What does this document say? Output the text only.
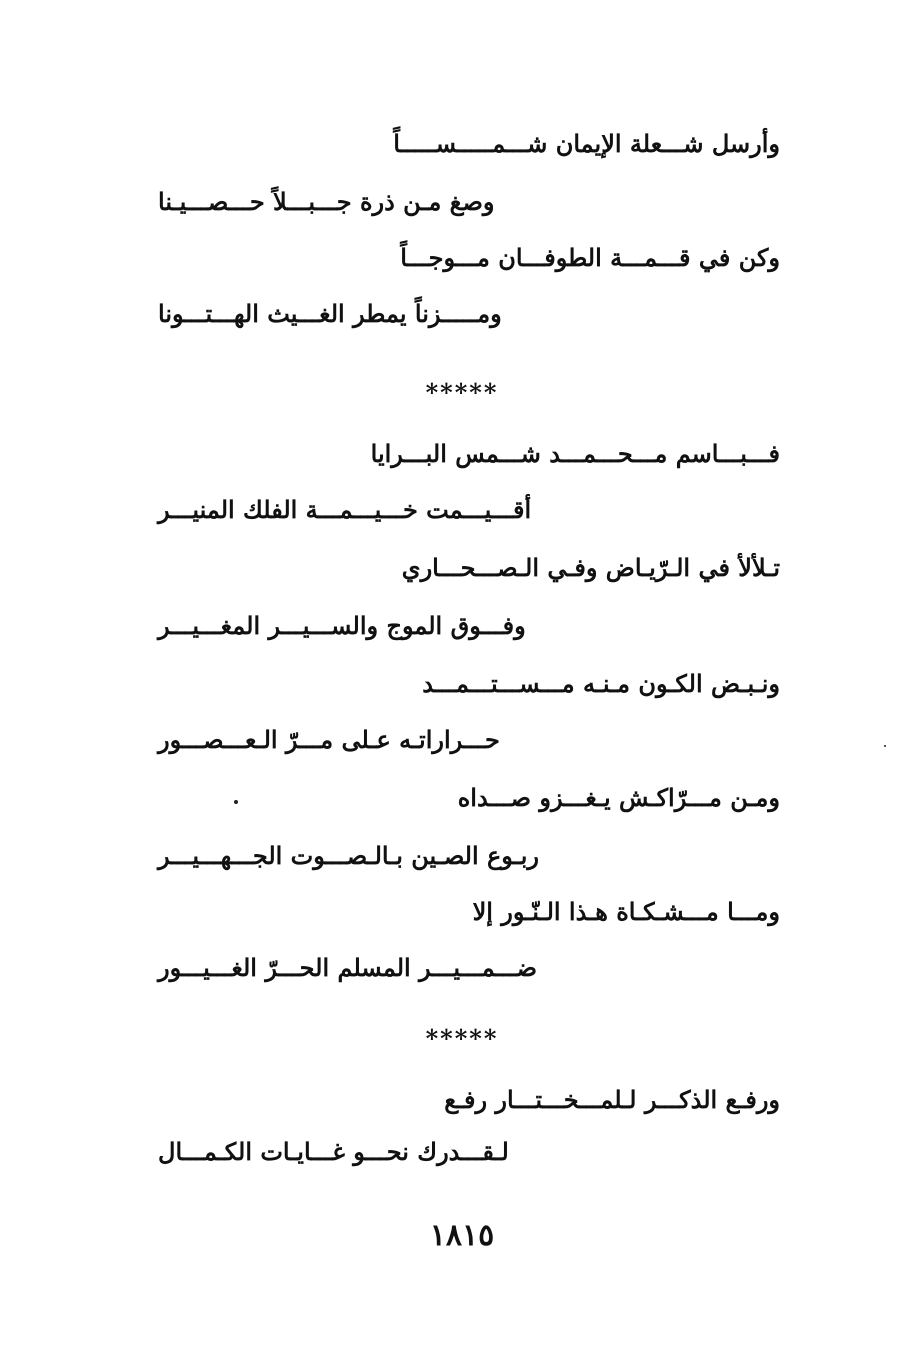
وأرسل شـــعلة الإيمان شـــمـــــســـــاً
وصغ مـن ذرة جـــبـــلاً حـــصـــيـنا
وكن في قـــمـــة الطوفـــان مـــوجـــاً
ومـــــزناً يمطر الغـــيث الهـــتـــونا
*****
فـــبـــاسم مـــحـــمـــد شـــمس البـــرايا
أقـــيـــمت خـــيـــمـــة الفلك المنيـــر
تـلألأ في الـرّيـاض وفـي الـصـــحـــاري
وفـــوق الموج والســـيـــر المغـــيـــر
ونـبـض الكـون مـنـه مـــســـتـــمـــد
حـــراراتـه عـلى مـــرّ الـعـــصـــور
ومـن مـــرّاكـش يـغـــزو صـــداه
ربـوع الصـين بـالـصـــوت الجـــهـــيـــر
ومـــا مـــشـكـاة هـذا الـنّـور إلا
ضـــمـــيـــر المسلم الحـــرّ الغـــيـــور
*****
ورفـع الذكـــر لـلمـــخـــتـــار رفـع
لـقـــدرك نحـــو غـــايـات الكـمـــال
١٨١٥
